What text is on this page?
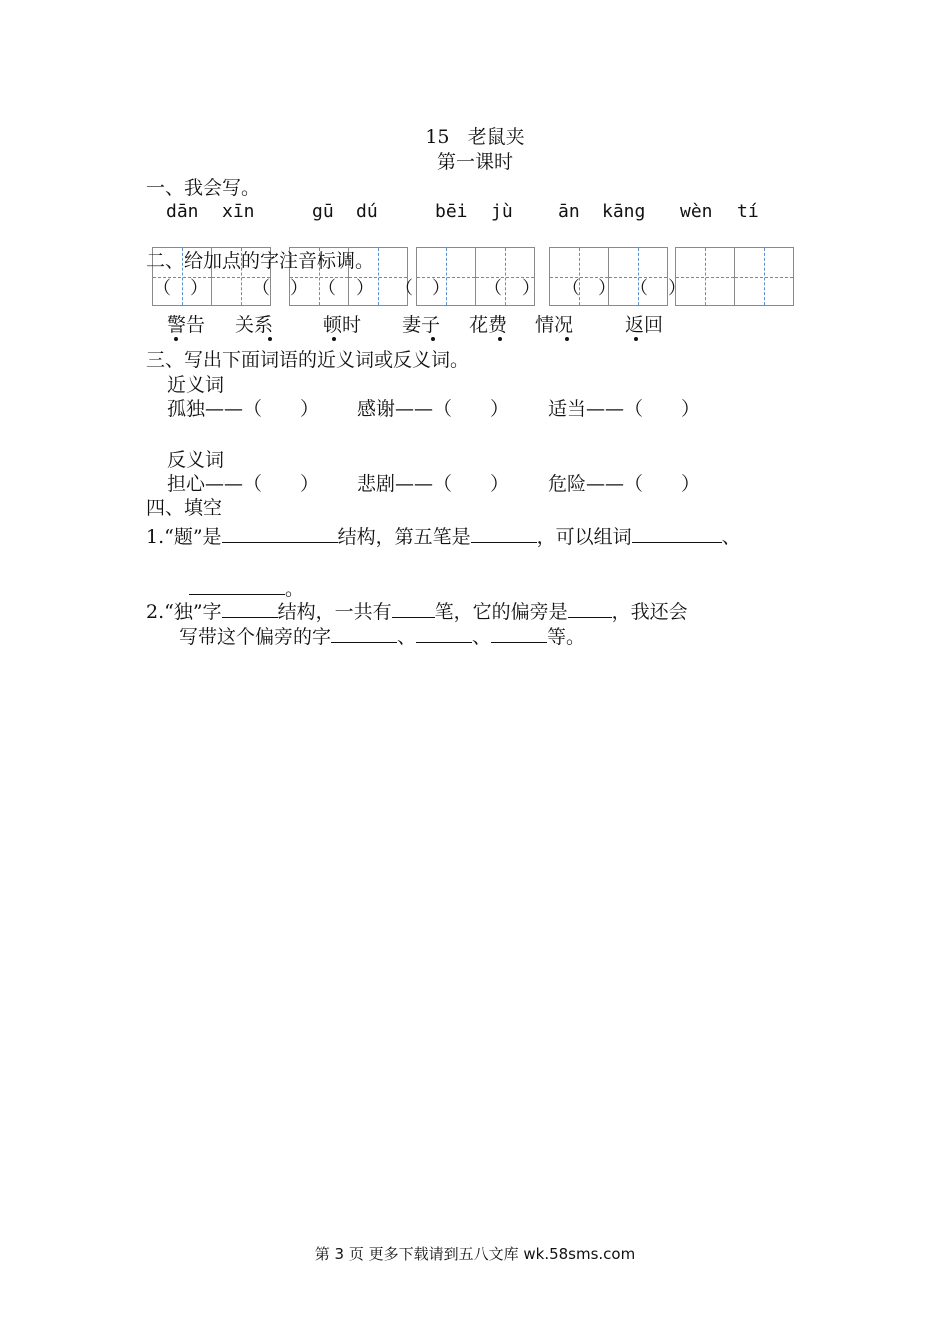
15 老鼠夹
第一课时
一、我会写。
dān xīn	gū dú	bēi jù	ān kāng wèn tí
二、给加点的字注音标调。
（ ） （ ） （ ） （ ） （ ） （ ） （ ）
警告 关系	顿时 妻子 花费 情况	返回
三、写出下面词语的近义词或反义词。
近义词
孤独——（　　） 感谢——（　　） 适当——（　　）
反义词
担心——（　　） 悲剧——（　　） 危险——（　　）
四、填空
1.“题”是	结构，第五笔是	，可以组词	、
。
2.“独”字	结构，一共有 笔，它的偏旁是 ，我还会
写带这个偏旁的字	、	、	等。
第 3 页 更多下载请到五八文库 wk.58sms.com
